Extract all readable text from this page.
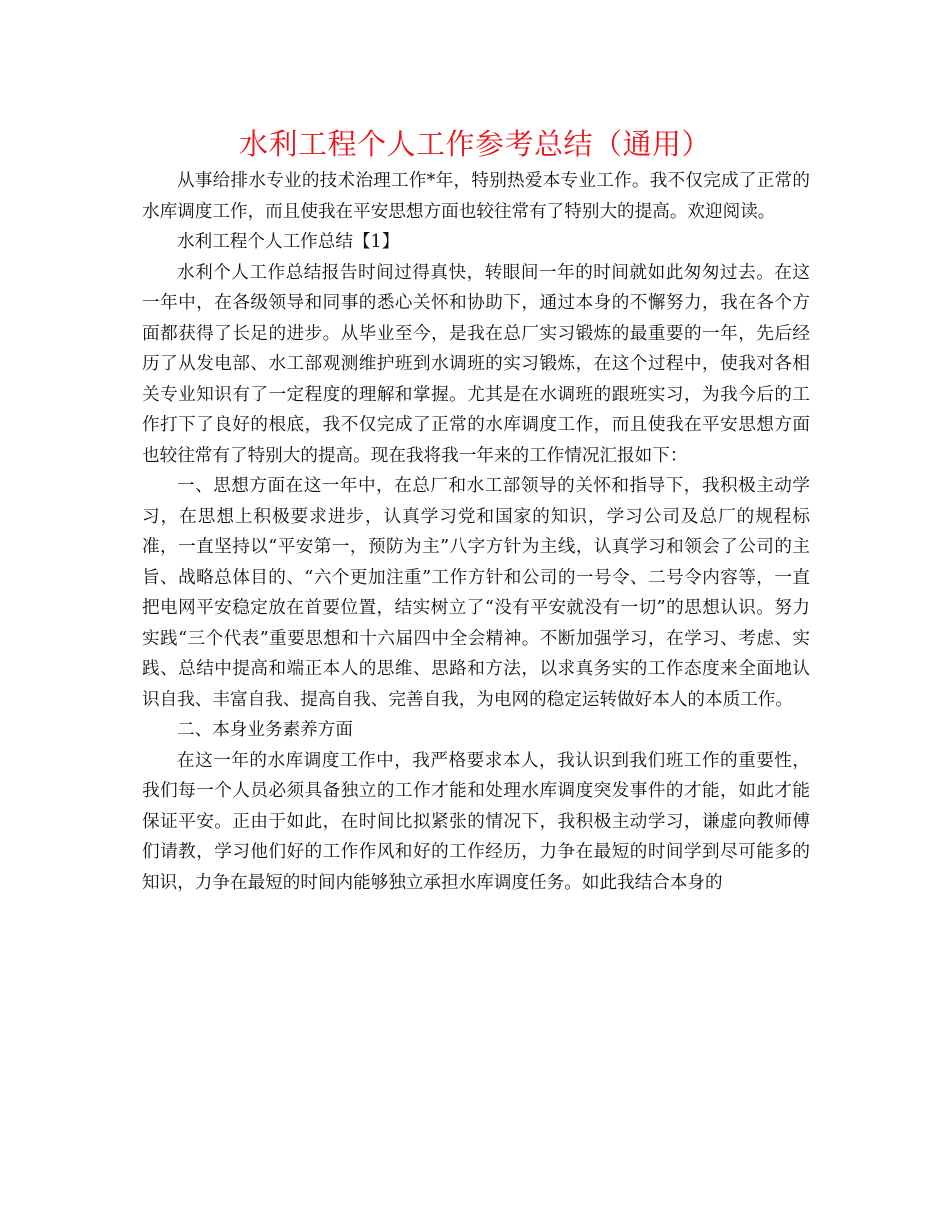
水利工程个人工作参考总结（通用）

从事给排水专业的技术治理工作*年，特别热爱本专业工作。我不仅完成了正常的水库调度工作，而且使我在平安思想方面也较往常有了特别大的提高。欢迎阅读。

水利工程个人工作总结【1】

水利个人工作总结报告时间过得真快，转眼间一年的时间就如此匆匆过去。在这一年中，在各级领导和同事的悉心关怀和协助下，通过本身的不懈努力，我在各个方面都获得了长足的进步。从毕业至今，是我在总厂实习锻炼的最重要的一年，先后经历了从发电部、水工部观测维护班到水调班的实习锻炼，在这个过程中，使我对各相关专业知识有了一定程度的理解和掌握。尤其是在水调班的跟班实习，为我今后的工作打下了良好的根底，我不仅完成了正常的水库调度工作，而且使我在平安思想方面也较往常有了特别大的提高。现在我将我一年来的工作情况汇报如下：

一、思想方面在这一年中，在总厂和水工部领导的关怀和指导下，我积极主动学习，在思想上积极要求进步，认真学习党和国家的知识，学习公司及总厂的规程标准，一直坚持以“平安第一，预防为主”八字方针为主线，认真学习和领会了公司的主旨、战略总体目的、“六个更加注重”工作方针和公司的一号令、二号令内容等，一直把电网平安稳定放在首要位置，结实树立了“没有平安就没有一切”的思想认识。努力实践“三个代表”重要思想和十六届四中全会精神。不断加强学习，在学习、考虑、实践、总结中提高和端正本人的思维、思路和方法，以求真务实的工作态度来全面地认识自我、丰富自我、提高自我、完善自我，为电网的稳定运转做好本人的本质工作。

二、本身业务素养方面

在这一年的水库调度工作中，我严格要求本人，我认识到我们班工作的重要性，我们每一个人员必须具备独立的工作才能和处理水库调度突发事件的才能，如此才能保证平安。正由于如此，在时间比拟紧张的情况下，我积极主动学习，谦虚向教师傅们请教，学习他们好的工作作风和好的工作经历，力争在最短的时间学到尽可能多的知识，力争在最短的时间内能够独立承担水库调度任务。如此我结合本身的
